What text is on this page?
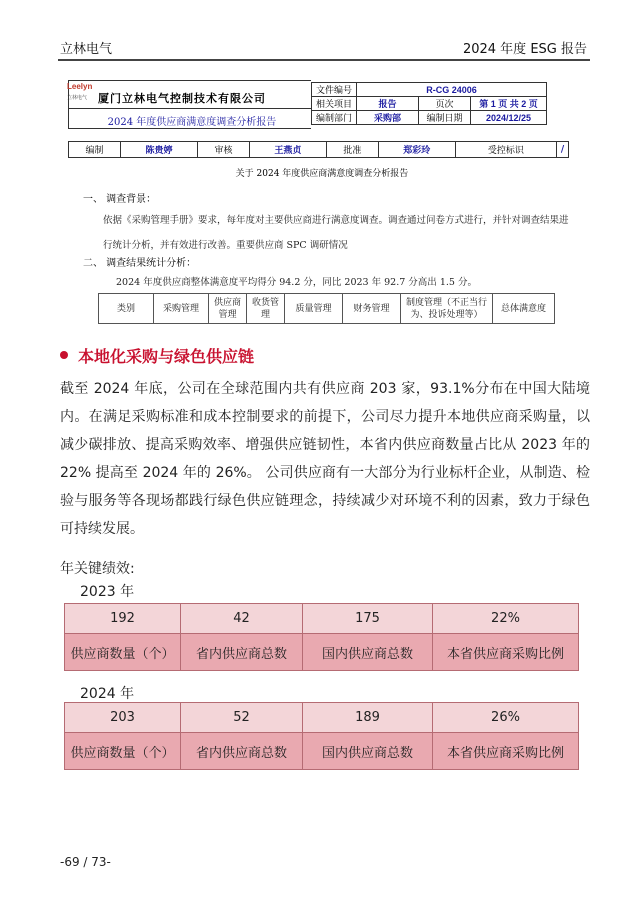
立林电气	2024 年度 ESG 报告
Leelyn
立林电气 厦门立林电气控制技术有限公司
2024 年度供应商满意度调查分析报告
文件编号	R-CG 24006		
相关项目	报告	页次	第 1 页 共 2 页
编制部门	采购部	编制日期	2024/12/25
编制	陈贵婷	审核	王燕贞	批准	郑彩玲	受控标识	/
关于 2024 年度供应商满意度调查分析报告
一、 调查背景：
依据《采购管理手册》要求，每年度对主要供应商进行满意度调查。调查通过问卷方式进行，并针对调查结果进行统计分析，并有效进行改善。重要供应商 SPC 调研情况
二、 调查结果统计分析：
2024 年度供应商整体满意度平均得分 94.2 分，同比 2023 年 92.7 分高出 1.5 分。
类别	采购管理	供应商管理	收货管理	质量管理	财务管理	制度管理（不正当行为、投诉处理等）	总体满意度
本地化采购与绿色供应链
截至 2024 年底，公司在全球范围内共有供应商 203 家，93.1%分布在中国大陆境内。在满足采购标准和成本控制要求的前提下，公司尽力提升本地供应商采购量，以减少碳排放、提高采购效率、增强供应链韧性，本省内供应商数量占比从 2023 年的 22% 提高至 2024 年的 26%。 公司供应商有一大部分为行业标杆企业，从制造、检验与服务等各现场都践行绿色供应链理念，持续减少对环境不利的因素，致力于绿色可持续发展。
年关键绩效:
2023 年
192	42	175	22%
供应商数量（个）	省内供应商总数	国内供应商总数	本省供应商采购比例
2024 年
203	52	189	26%
供应商数量（个）	省内供应商总数	国内供应商总数	本省供应商采购比例
-69 / 73-
